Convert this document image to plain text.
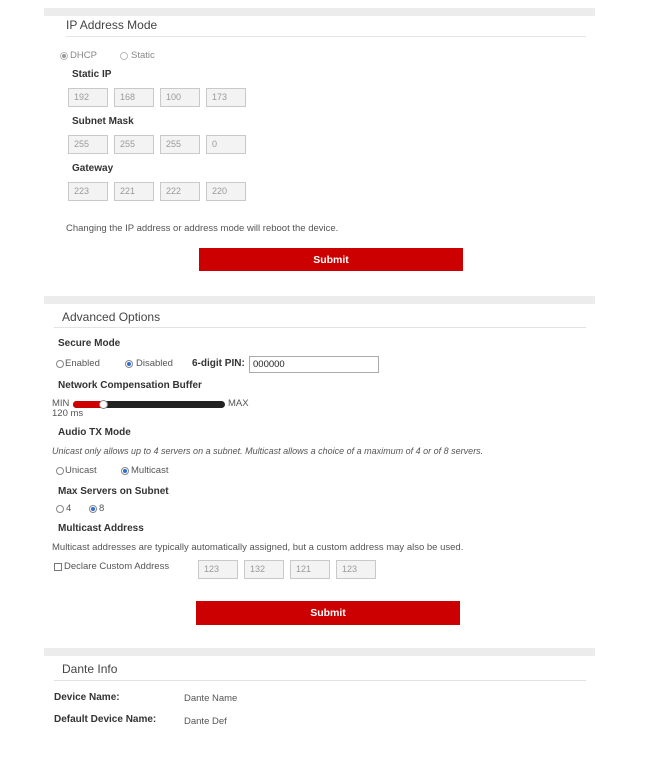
IP Address Mode
DHCP	Static
Static IP
192	168	100	173
Subnet Mask
255	255	255	0
Gateway
223	221	222	220
Changing the IP address or address mode will reboot the device.
Submit
Advanced Options
Secure Mode
Enabled	Disabled 6-digit PIN: 000000
Network Compensation Buffer
MIN	MAX
120 ms
Audio TX Mode
Unicast only allows up to 4 servers on a subnet. Multicast allows a choice of a maximum of 4 or of 8 servers.
Unicast	Multicast
Max Servers on Subnet
4	8
Multicast Address
Multicast addresses are typically automatically assigned, but a custom address may also be used.
Declare Custom Address	123	132	121	123
Submit
Dante Info
Device Name:	Dante Name
Default Device Name:	Dante Def
